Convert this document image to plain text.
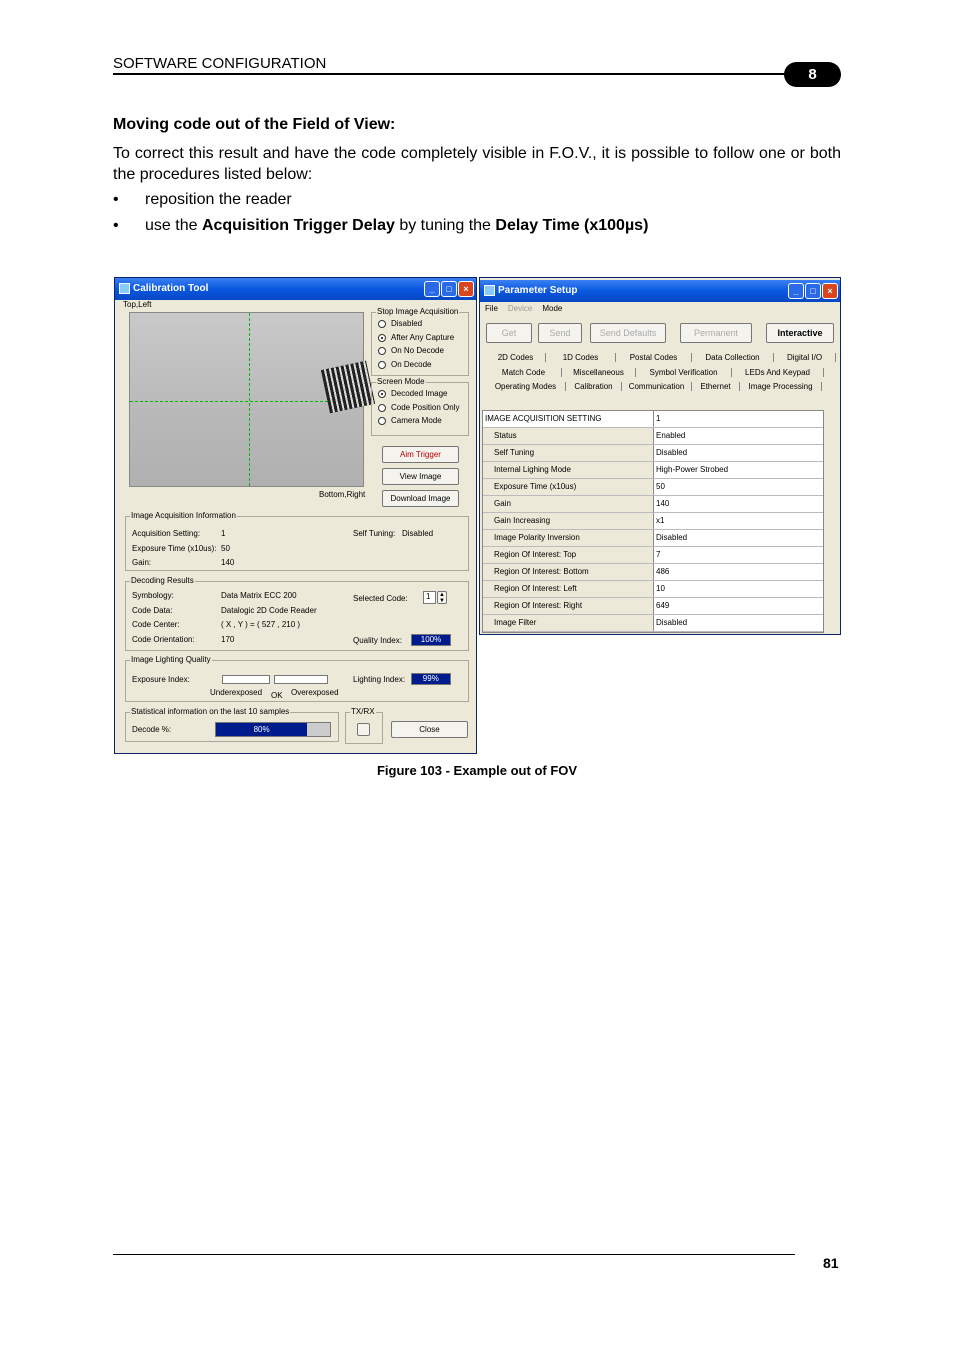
SOFTWARE CONFIGURATION
8
Moving code out of the Field of View:
To correct this result and have the code completely visible in F.O.V., it is possible to follow one or both the procedures listed below:
• reposition the reader
• use the Acquisition Trigger Delay by tuning the Delay Time (x100µs)
Calibration Tool	_	□	×
Top,Left
Bottom,Right
Stop Image Acquisition
Disabled
After Any Capture
On No Decode
On Decode
Screen Mode
Decoded Image
Code Position Only
Camera Mode
Aim Trigger
View Image
Download Image
Image Acquisition Information
Acquisition Setting:	1
Exposure Time (x10us): 50
Gain:	140
Self Tuning: Disabled
Decoding Results
Symbology:	Data Matrix ECC 200
Code Data:	Datalogic 2D Code Reader
Code Center:	( X , Y ) = ( 527 , 210 )
Code Orientation:	170
Selected Code:	1	▲
▼
Quality Index:	100%
Image Lighting Quality
Exposure Index:
Underexposed OK Overexposed
Lighting Index:	99%
Statistical information on the last 10 samples
Decode %:	80%
TX/RX
Close
Parameter Setup	_	□	×
File Device Mode
Get	Send	Send Defaults	Permanent	Interactive
2D Codes	1D Codes	Postal Codes	Data Collection	Digital I/O
Match Code	Miscellaneous	Symbol Verification	LEDs And Keypad
Operating Modes	Calibration	Communication	Ethernet	Image Processing
IMAGE ACQUISITION SETTING	1
Status	Enabled
Self Tuning	Disabled
Internal Lighing Mode	High-Power Strobed
Exposure Time (x10us)	50
Gain	140
Gain Increasing	x1
Image Polarity Inversion	Disabled
Region Of Interest: Top	7
Region Of Interest: Bottom	486
Region Of Interest: Left	10
Region Of Interest: Right	649
Image Filter	Disabled
Figure 103 - Example out of FOV
81
